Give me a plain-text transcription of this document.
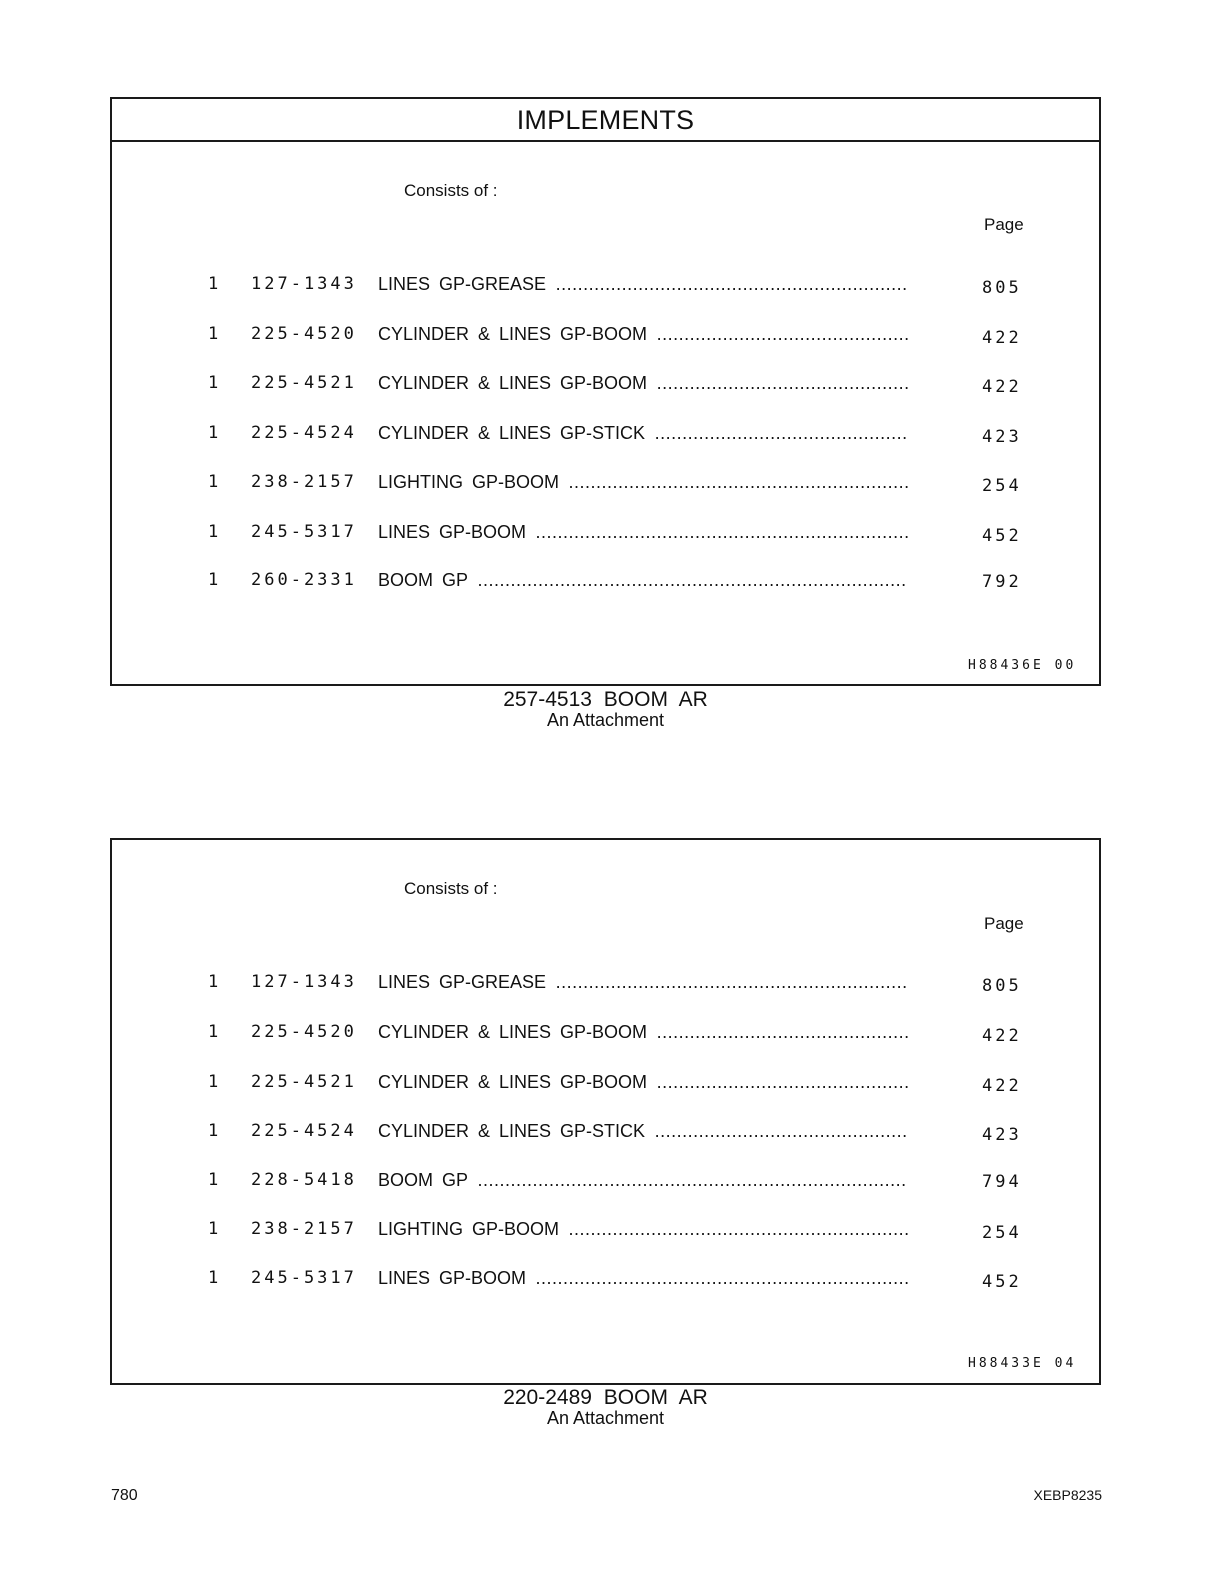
IMPLEMENTS
Consists of :
Page
1 127-1343 LINES GP-GREASE .....	805
1 225-4520 CYLINDER & LINES GP-BOOM .....	422
1 225-4521 CYLINDER & LINES GP-BOOM .....	422
1 225-4524 CYLINDER & LINES GP-STICK .....	423
1 238-2157 LIGHTING GP-BOOM .....	254
1 245-5317 LINES GP-BOOM .....	452
1 260-2331 BOOM GP .....	792
H88436E 00
257-4513 BOOM AR
An Attachment
Consists of :
Page
1 127-1343 LINES GP-GREASE .....	805
1 225-4520 CYLINDER & LINES GP-BOOM .....	422
1 225-4521 CYLINDER & LINES GP-BOOM .....	422
1 225-4524 CYLINDER & LINES GP-STICK .....	423
1 228-5418 BOOM GP .....	794
1 238-2157 LIGHTING GP-BOOM .....	254
1 245-5317 LINES GP-BOOM .....	452
H88433E 04
220-2489 BOOM AR
An Attachment
780	XEBP8235
